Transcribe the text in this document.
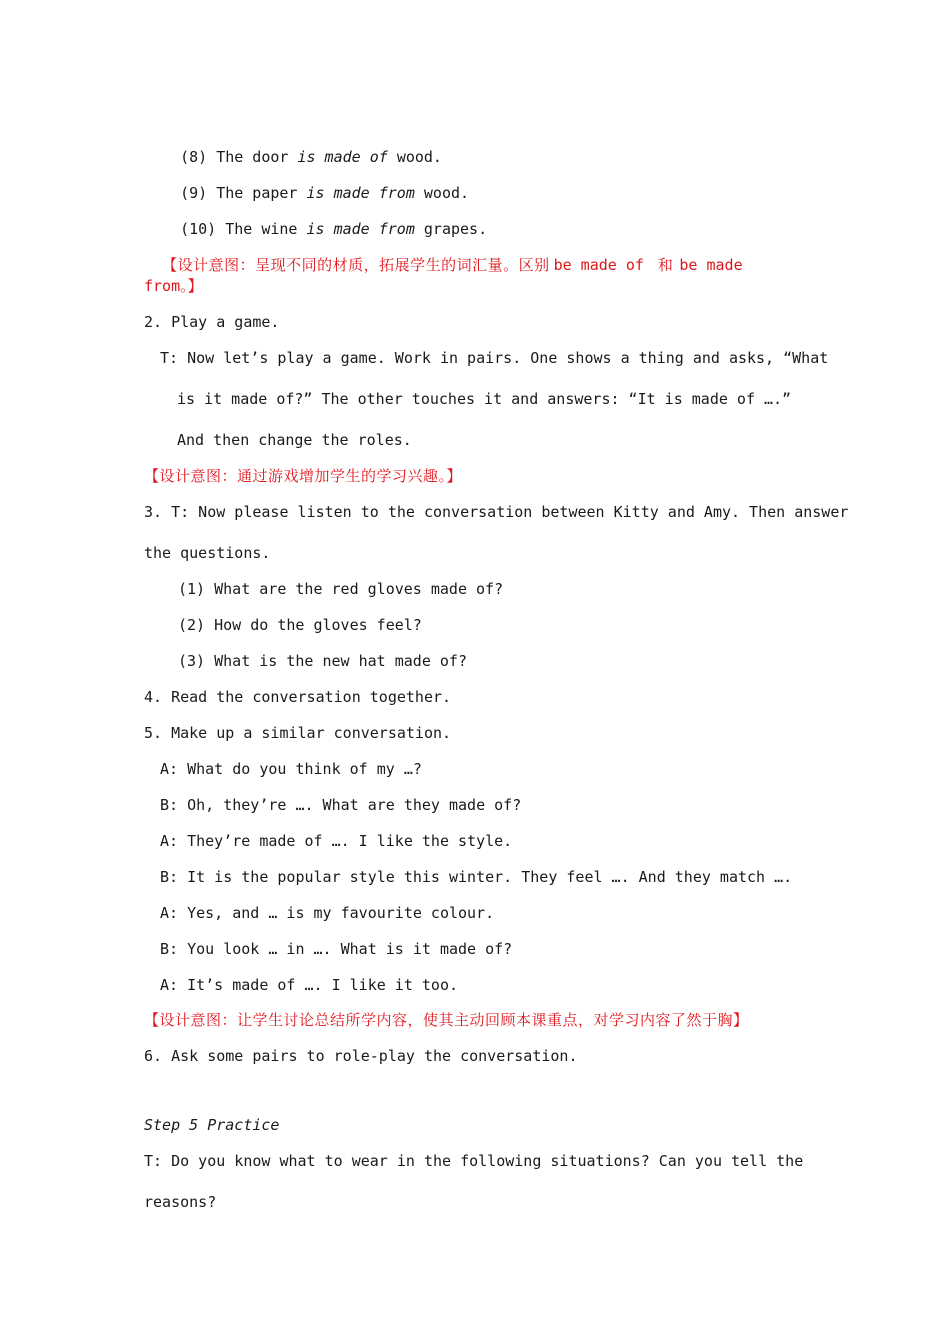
(8) The door is made of wood.

(9) The paper is made from wood.

(10) The wine is made from grapes.

【设计意图：呈现不同的材质，拓展学生的词汇量。区别 be made of 和 be made

from。】
2. Play a game.
T: Now let’s play a game. Work in pairs. One shows a thing and asks, “What
is it made of?” The other touches it and answers: “It is made of ….”
And then change the roles.
【设计意图：通过游戏增加学生的学习兴趣。】
3. T: Now please listen to the conversation between Kitty and Amy. Then answer
the questions.
(1) What are the red gloves made of?
(2) How do the gloves feel?
(3) What is the new hat made of?
4. Read the conversation together.
5. Make up a similar conversation.
A: What do you think of my …?
B: Oh, they’re …. What are they made of?
A: They’re made of …. I like the style.
B: It is the popular style this winter. They feel …. And they match ….
A: Yes, and … is my favourite colour.
B: You look … in …. What is it made of?
A: It’s made of …. I like it too.
【设计意图：让学生讨论总结所学内容，使其主动回顾本课重点，对学习内容了然于胸】
6. Ask some pairs to role-play the conversation.
Step 5 Practice
T: Do you know what to wear in the following situations? Can you tell the
reasons?
